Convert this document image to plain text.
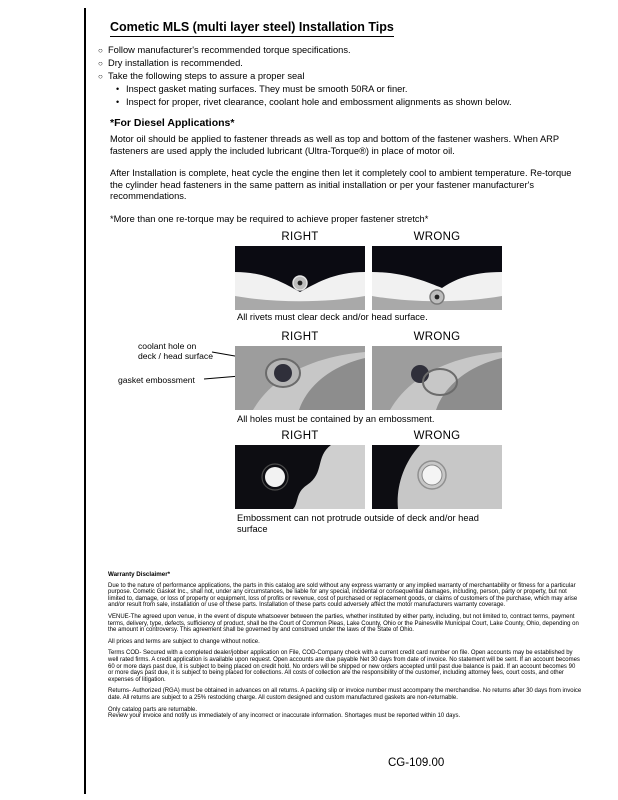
Cometic MLS (multi layer steel) Installation Tips
○ Follow manufacturer's recommended torque specifications.
○ Dry installation is recommended.
○ Take the following steps to assure a proper seal
• Inspect gasket mating surfaces. They must be smooth 50RA or finer.
• Inspect for proper, rivet clearance, coolant hole and embossment alignments as shown below.
*For Diesel Applications*

Motor oil should be applied to fastener threads as well as top and bottom of the fastener washers. When ARP fasteners are used apply the included lubricant (Ultra-Torque®) in place of motor oil.

After Installation is complete, heat cycle the engine then let it completely cool to ambient temperature. Re-torque the cylinder head fasteners in the same pattern as initial installation or per your fastener manufacturer's recommendations.

*More than one re-torque may be required to achieve proper fastener stretch*

RIGHT	WRONG
All rivets must clear deck and/or head surface.
RIGHT	WRONG
coolant hole on deck / head surface
gasket embossment
All holes must be contained by an embossment.
RIGHT	WRONG
Embossment can not protrude outside of deck and/or head surface
Warranty Disclaimer*

Due to the nature of performance applications, the parts in this catalog are sold without any express warranty or any implied warranty of merchantability or fitness for a particular purpose. Cometic Gasket Inc., shall not, under any circumstances, be liable for any special, incidental or consequential damages, including, person, party or property, but not limited to, damage, or loss of property or equipment, loss of profits or revenue, cost of purchased or replacement goods, or claims of customers of the purchase, which may arise and/or result from sale, installation or use of these parts. Installation of these parts could adversely affect the motor manufacturers warranty coverage.

VENUE-The agreed upon venue, in the event of dispute whatsoever between the parties, whether instituted by either party, including, but not limited to, contract terms, payment terms, delivery, type, defects, sufficiency of product, shall be the Court of Common Pleas, Lake County, Ohio or the Painesville Municipal Court, Lake County, Ohio, depending on the amount in controversy. This agreement shall be governed by and construed under the laws of the State of Ohio.

All prices and terms are subject to change without notice.

Terms COD- Secured with a completed dealer/jobber application on File, COD-Company check with a current credit card number on file. Open accounts may be established by well rated firms. A credit application is available upon request. Open accounts are due payable Net 30 days from date of invoice. No statement will be sent. If an account becomes 60 or more days past due, it is subject to being placed on credit hold. No orders will be shipped or new orders accepted until past due balance is paid. If an account becomes 90 or more days past due, it is subject to being placed for collections. All costs of collection are the responsibility of the customer, including attorney fees, court costs, and other expenses of litigation.

Returns- Authorized (RGA) must be obtained in advances on all returns. A packing slip or invoice number must accompany the merchandise. No returns after 30 days from invoice date. All returns are subject to a 25% restocking charge. All custom designed and custom manufactured gaskets are non-returnable.

Only catalog parts are returnable.

Review your invoice and notify us immediately of any incorrect or inaccurate information. Shortages must be reported within 10 days.

CG-109.00
